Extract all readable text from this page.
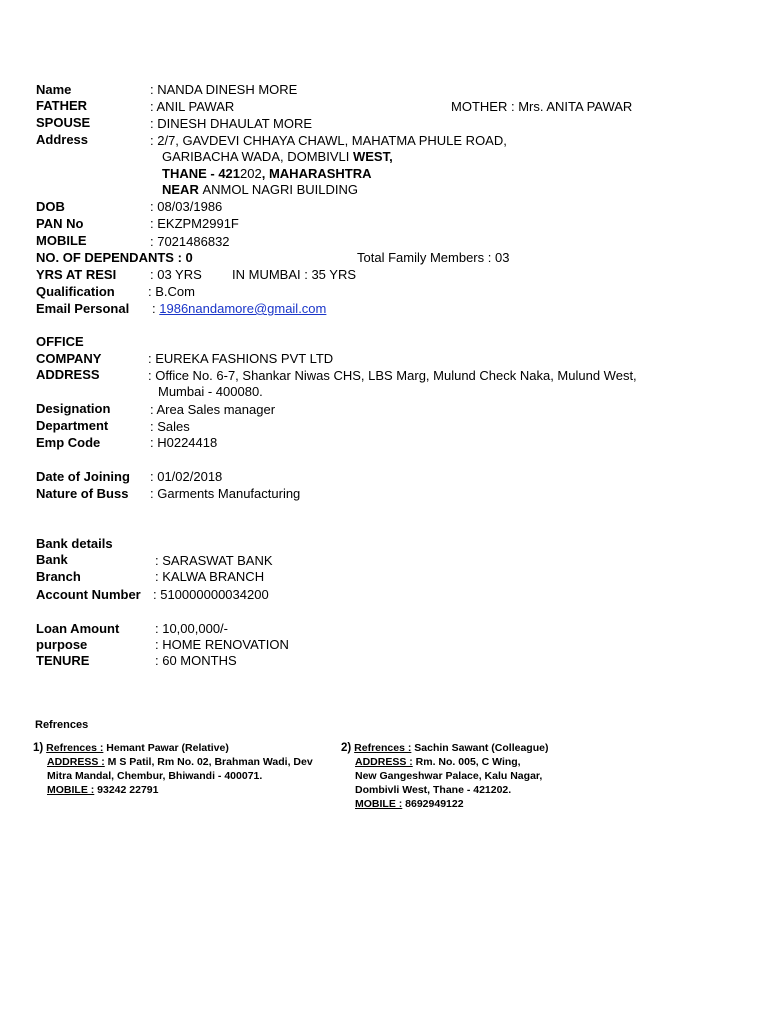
Name	: NANDA DINESH MORE
FATHER	: ANIL PAWAR	MOTHER : Mrs. ANITA PAWAR
SPOUSE	: DINESH DHAULAT MORE
Address	: 2/7, GAVDEVI CHHAYA CHAWL, MAHATMA PHULE ROAD,
GARIBACHA WADA, DOMBIVLI WEST,
THANE - 421202, MAHARASHTRA
NEAR ANMOL NAGRI BUILDING
DOB	: 08/03/1986
PAN No	: EKZPM2991F
MOBILE	: 7021486832
NO. OF DEPENDANTS : 0	Total Family Members : 03
YRS AT RESI	: 03 YRS IN MUMBAI : 35 YRS
Qualification	: B.Com
Email Personal : 1986nandamore@gmail.com
OFFICE
COMPANY	: EUREKA FASHIONS PVT LTD
ADDRESS	: Office No. 6-7, Shankar Niwas CHS, LBS Marg, Mulund Check Naka, Mulund West,
Mumbai - 400080.
Designation	: Area Sales manager
Department	: Sales
Emp Code	: H0224418
Date of Joining : 01/02/2018
Nature of Buss : Garments Manufacturing
Bank details
Bank	: SARASWAT BANK
Branch	: KALWA BRANCH
Account Number : 510000000034200
Loan Amount	: 10,00,000/-
purpose	: HOME RENOVATION
TENURE	: 60 MONTHS
Refrences
1) Refrences : Hemant Pawar (Relative)
ADDRESS : M S Patil, Rm No. 02, Brahman Wadi, Dev
Mitra Mandal, Chembur, Bhiwandi - 400071.
MOBILE : 93242 22791
2) Refrences : Sachin Sawant (Colleague)
ADDRESS : Rm. No. 005, C Wing,
New Gangeshwar Palace, Kalu Nagar,
Dombivli West, Thane - 421202.
MOBILE : 8692949122
